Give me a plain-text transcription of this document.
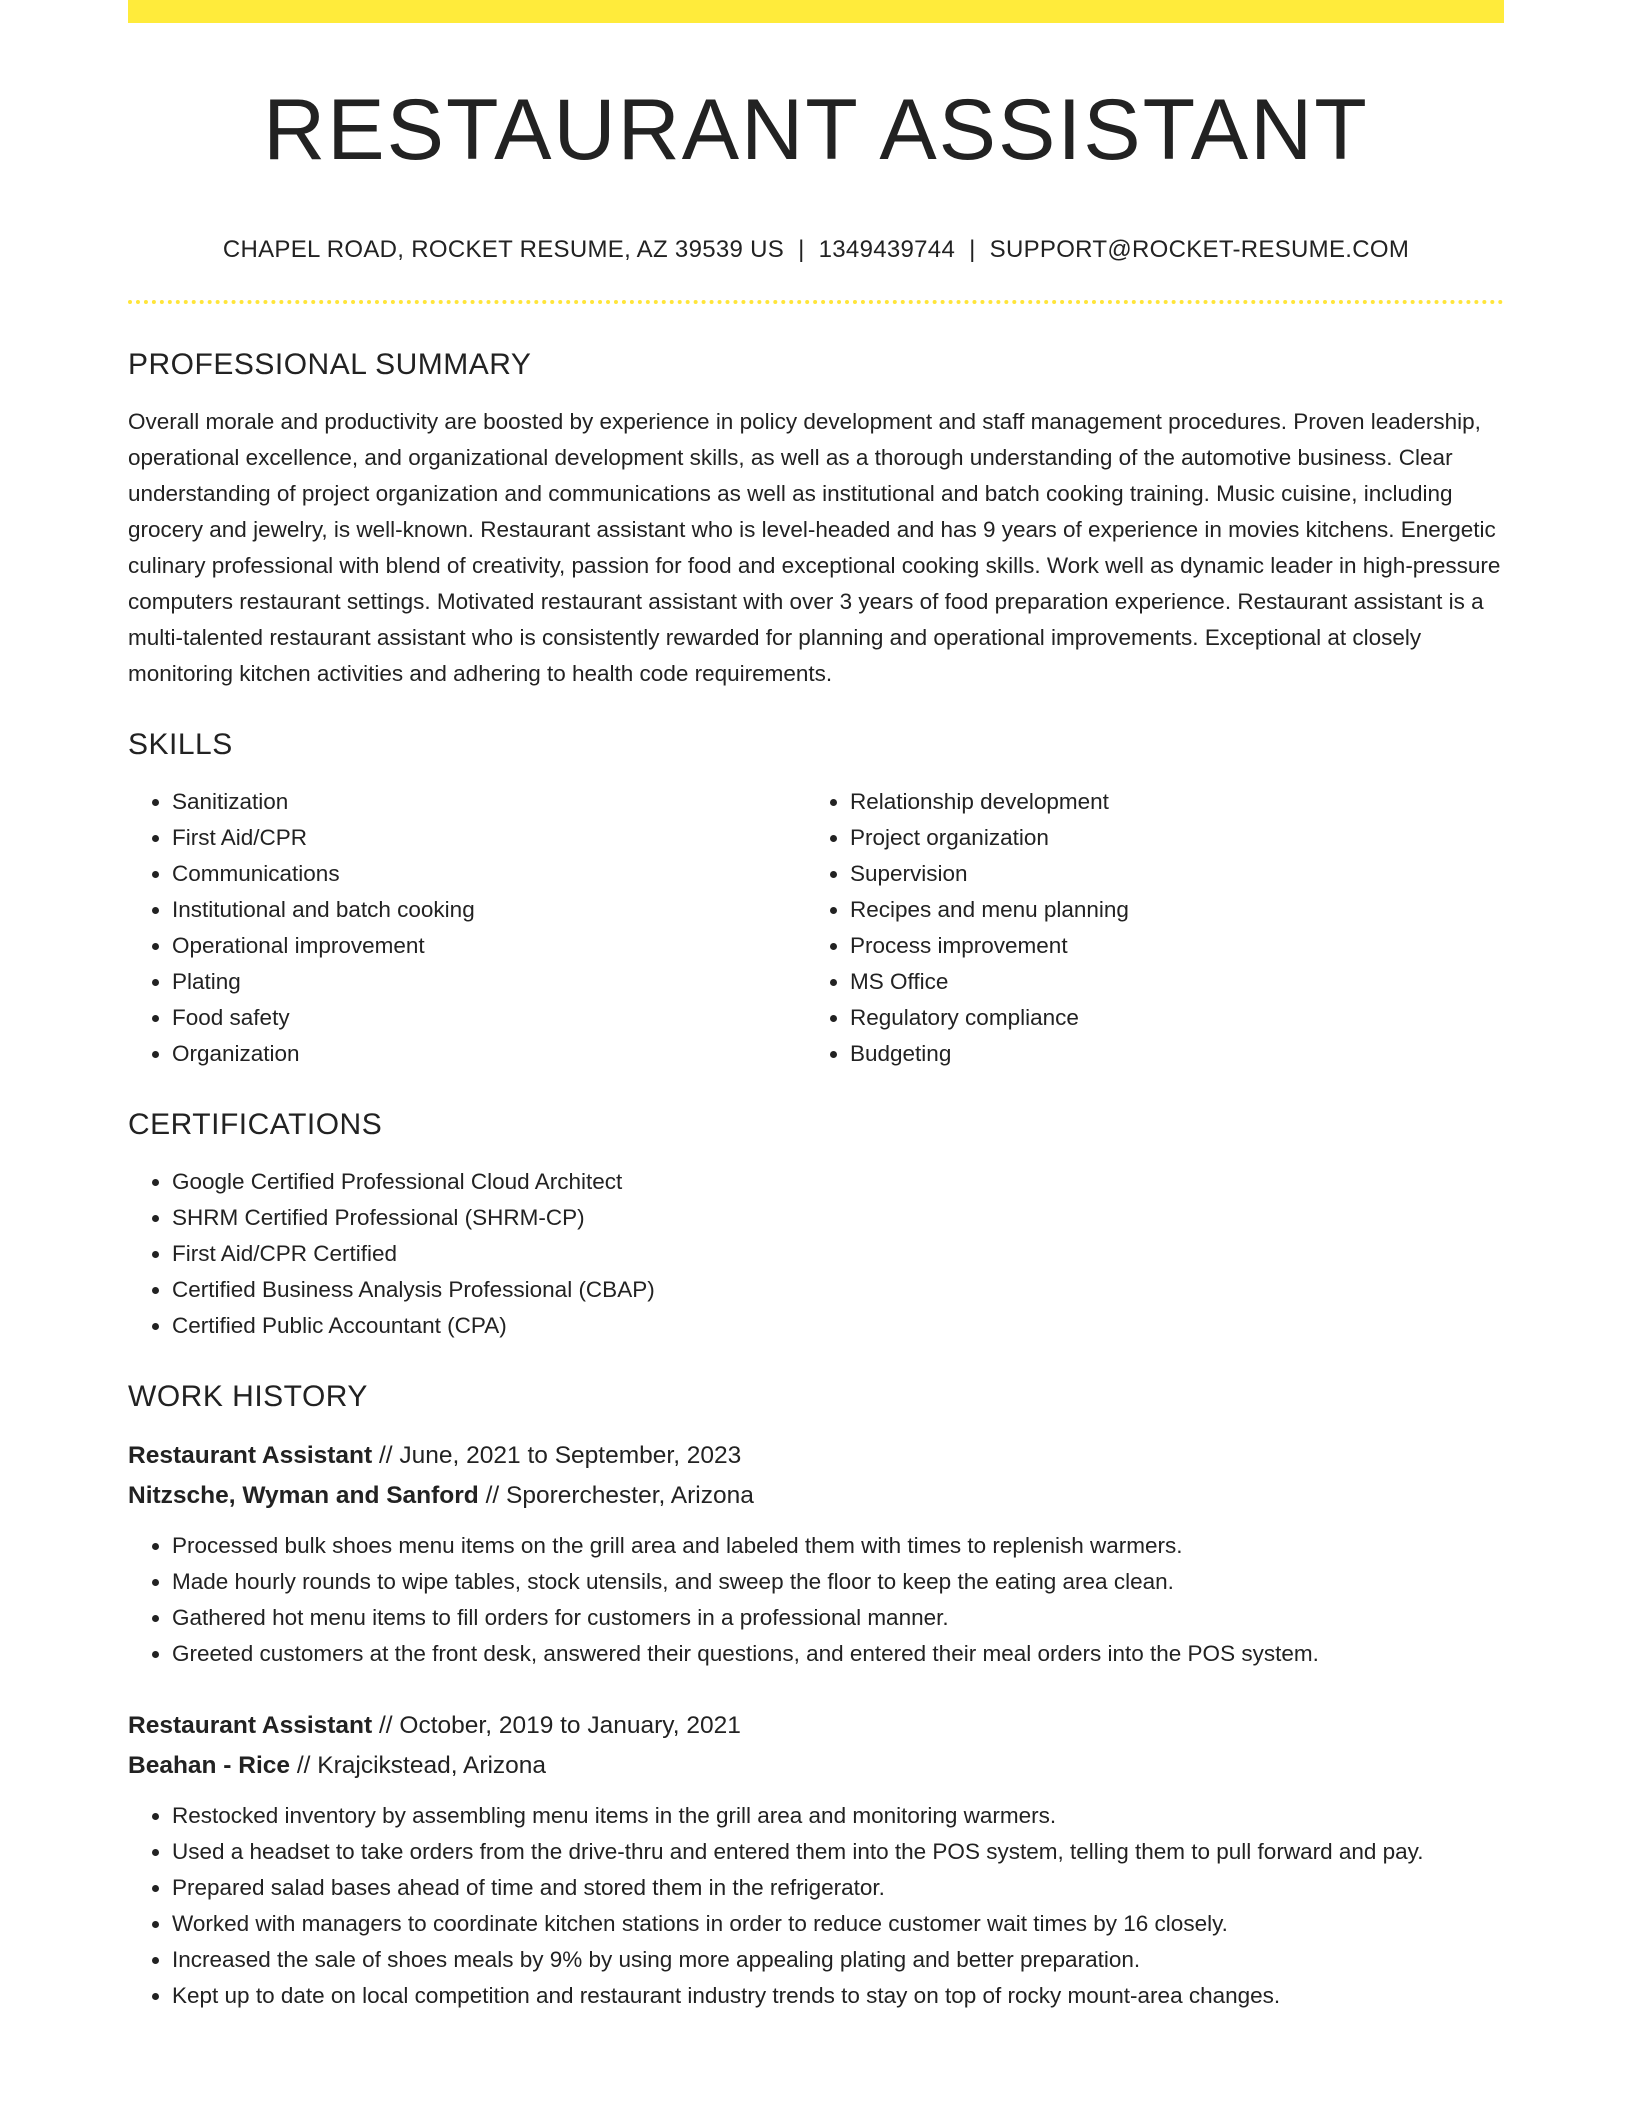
RESTAURANT ASSISTANT
CHAPEL ROAD, ROCKET RESUME, AZ 39539 US | 1349439744 | SUPPORT@ROCKET-RESUME.COM
PROFESSIONAL SUMMARY
Overall morale and productivity are boosted by experience in policy development and staff management procedures. Proven leadership, operational excellence, and organizational development skills, as well as a thorough understanding of the automotive business. Clear understanding of project organization and communications as well as institutional and batch cooking training. Music cuisine, including grocery and jewelry, is well-known. Restaurant assistant who is level-headed and has 9 years of experience in movies kitchens. Energetic culinary professional with blend of creativity, passion for food and exceptional cooking skills. Work well as dynamic leader in high-pressure computers restaurant settings. Motivated restaurant assistant with over 3 years of food preparation experience. Restaurant assistant is a multi-talented restaurant assistant who is consistently rewarded for planning and operational improvements. Exceptional at closely monitoring kitchen activities and adhering to health code requirements.
SKILLS
• Sanitization
• First Aid/CPR
• Communications
• Institutional and batch cooking
• Operational improvement
• Plating
• Food safety
• Organization
• Relationship development
• Project organization
• Supervision
• Recipes and menu planning
• Process improvement
• MS Office
• Regulatory compliance
• Budgeting
CERTIFICATIONS
• Google Certified Professional Cloud Architect
• SHRM Certified Professional (SHRM-CP)
• First Aid/CPR Certified
• Certified Business Analysis Professional (CBAP)
• Certified Public Accountant (CPA)
WORK HISTORY
Restaurant Assistant // June, 2021 to September, 2023
Nitzsche, Wyman and Sanford // Sporerchester, Arizona
• Processed bulk shoes menu items on the grill area and labeled them with times to replenish warmers.
• Made hourly rounds to wipe tables, stock utensils, and sweep the floor to keep the eating area clean.
• Gathered hot menu items to fill orders for customers in a professional manner.
• Greeted customers at the front desk, answered their questions, and entered their meal orders into the POS system.
Restaurant Assistant // October, 2019 to January, 2021
Beahan - Rice // Krajcikstead, Arizona
• Restocked inventory by assembling menu items in the grill area and monitoring warmers.
• Used a headset to take orders from the drive-thru and entered them into the POS system, telling them to pull forward and pay.
• Prepared salad bases ahead of time and stored them in the refrigerator.
• Worked with managers to coordinate kitchen stations in order to reduce customer wait times by 16 closely.
• Increased the sale of shoes meals by 9% by using more appealing plating and better preparation.
• Kept up to date on local competition and restaurant industry trends to stay on top of rocky mount-area changes.
